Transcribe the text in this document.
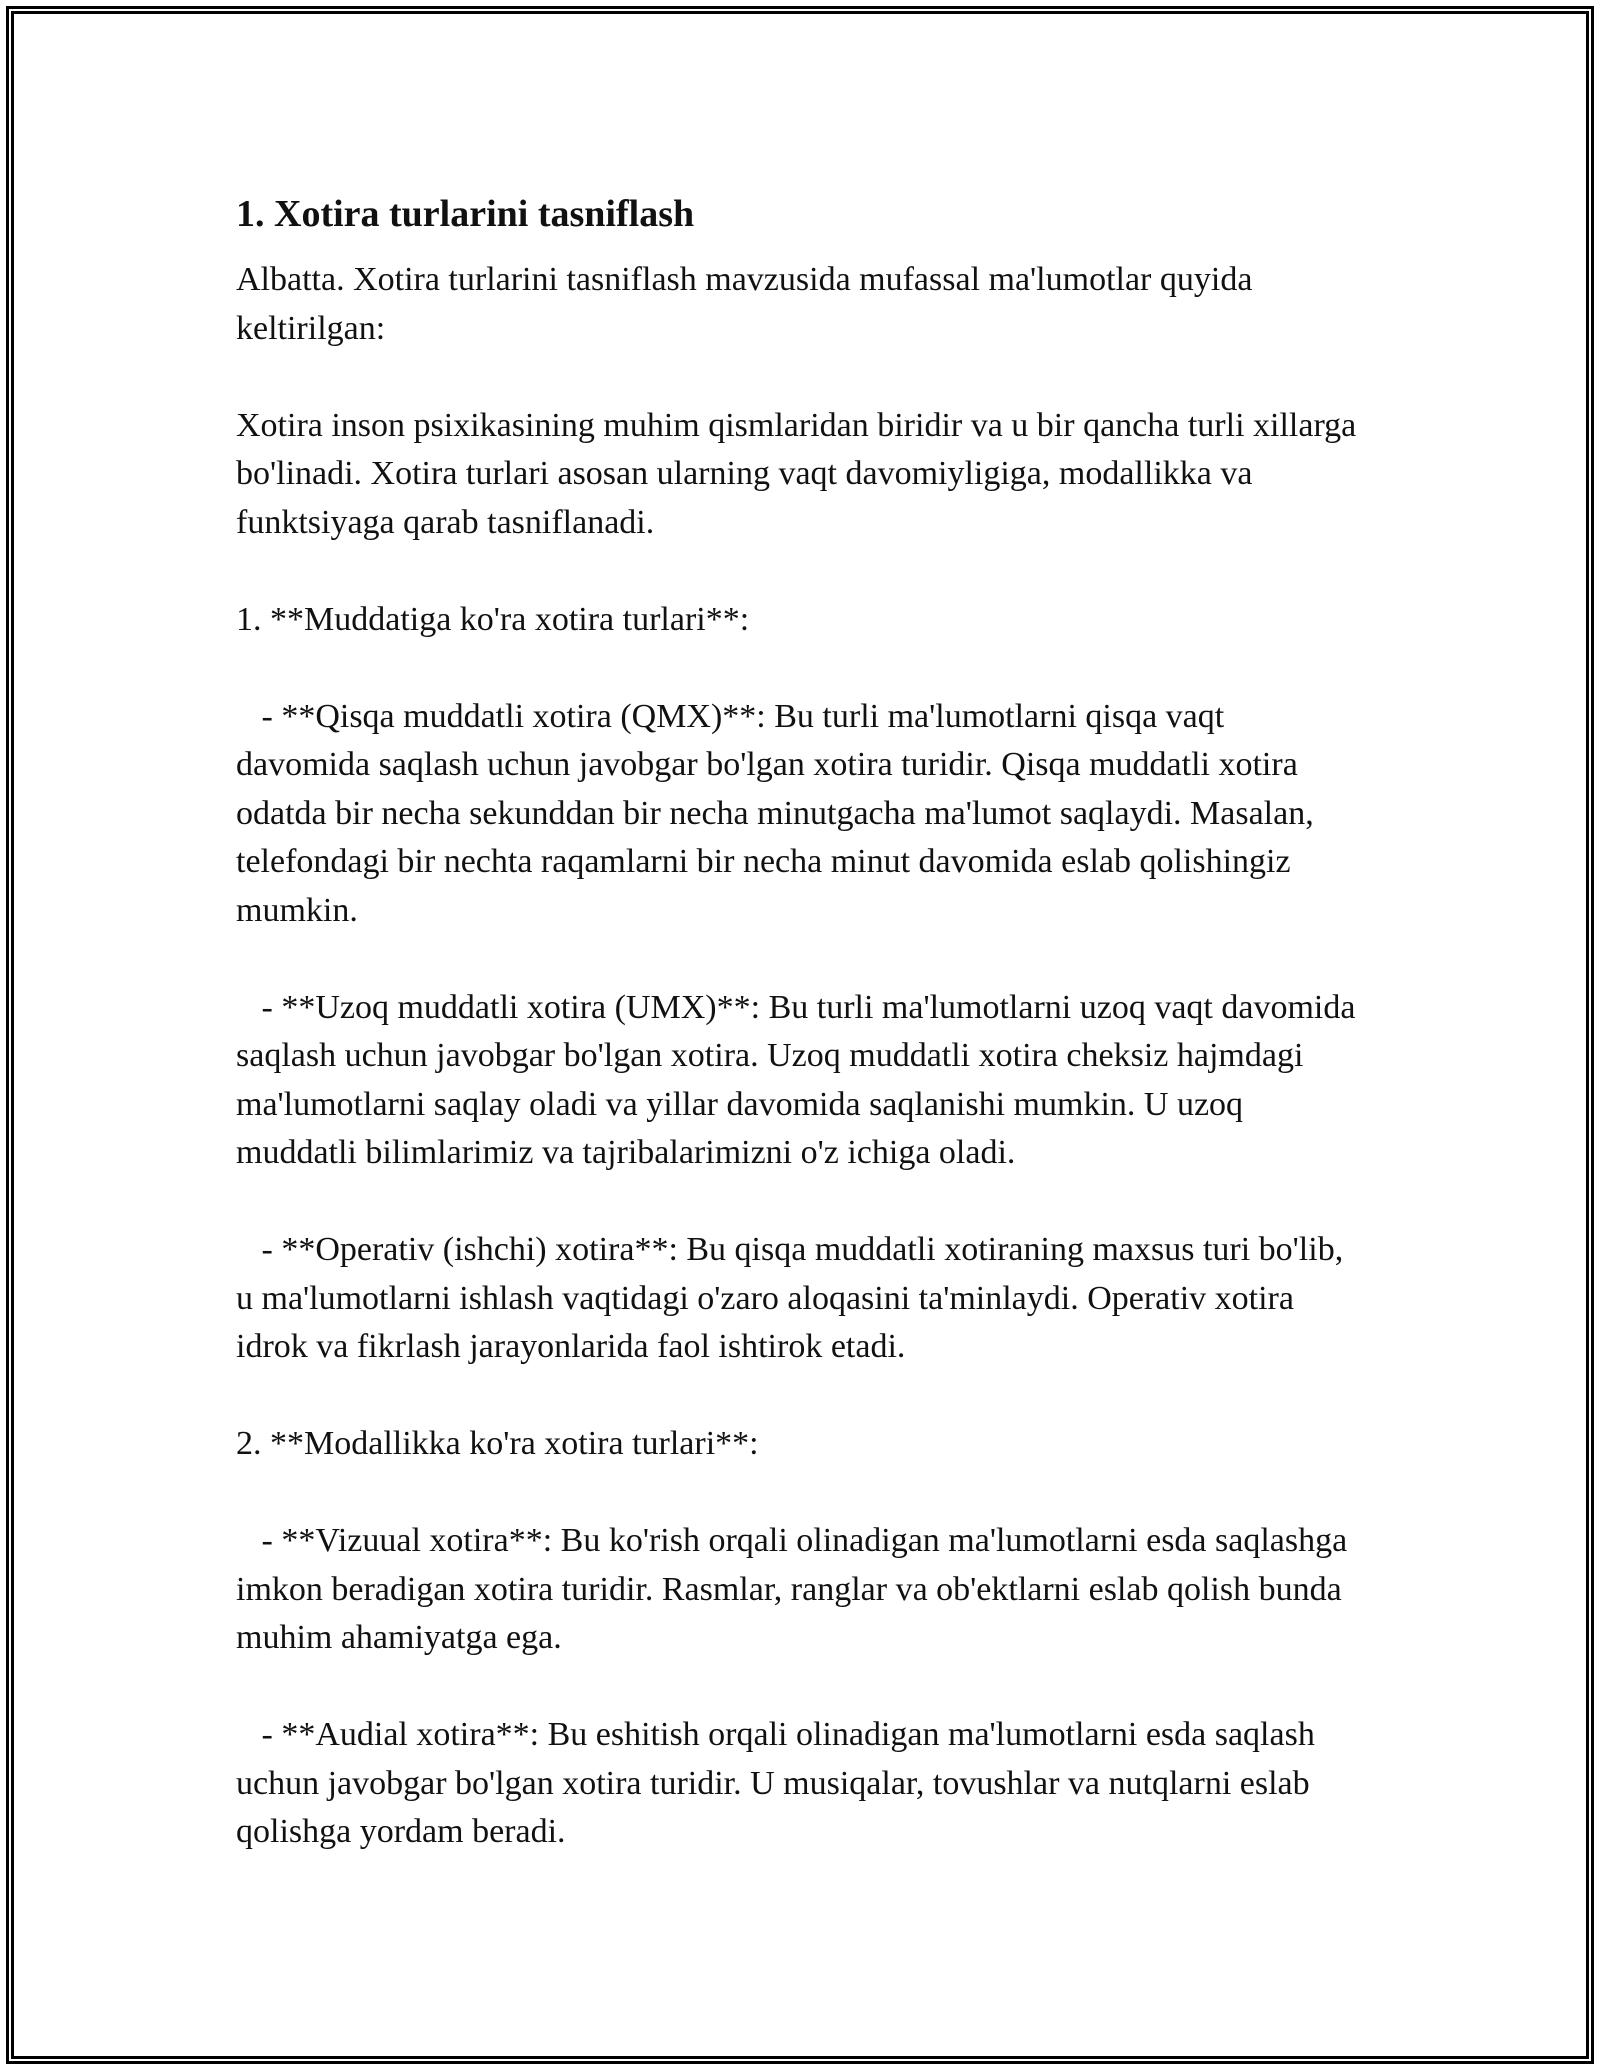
1. Xotira turlarini tasniflash

Albatta. Xotira turlarini tasniflash mavzusida mufassal ma'lumotlar quyida keltirilgan:

Xotira inson psixikasining muhim qismlaridan biridir va u bir qancha turli xillarga bo'linadi. Xotira turlari asosan ularning vaqt davomiyligiga, modallikka va funktsiyaga qarab tasniflanadi.

1. **Muddatiga ko'ra xotira turlari**:

- **Qisqa muddatli xotira (QMX)**: Bu turli ma'lumotlarni qisqa vaqt davomida saqlash uchun javobgar bo'lgan xotira turidir. Qisqa muddatli xotira odatda bir necha sekunddan bir necha minutgacha ma'lumot saqlaydi. Masalan, telefondagi bir nechta raqamlarni bir necha minut davomida eslab qolishingiz mumkin.

- **Uzoq muddatli xotira (UMX)**: Bu turli ma'lumotlarni uzoq vaqt davomida saqlash uchun javobgar bo'lgan xotira. Uzoq muddatli xotira cheksiz hajmdagi ma'lumotlarni saqlay oladi va yillar davomida saqlanishi mumkin. U uzoq muddatli bilimlarimiz va tajribalarimizni o'z ichiga oladi.

- **Operativ (ishchi) xotira**: Bu qisqa muddatli xotiraning maxsus turi bo'lib, u ma'lumotlarni ishlash vaqtidagi o'zaro aloqasini ta'minlaydi. Operativ xotira idrok va fikrlash jarayonlarida faol ishtirok etadi.

2. **Modallikka ko'ra xotira turlari**:

- **Vizuual xotira**: Bu ko'rish orqali olinadigan ma'lumotlarni esda saqlashga imkon beradigan xotira turidir. Rasmlar, ranglar va ob'ektlarni eslab qolish bunda muhim ahamiyatga ega.

- **Audial xotira**: Bu eshitish orqali olinadigan ma'lumotlarni esda saqlash uchun javobgar bo'lgan xotira turidir. U musiqalar, tovushlar va nutqlarni eslab qolishga yordam beradi.
